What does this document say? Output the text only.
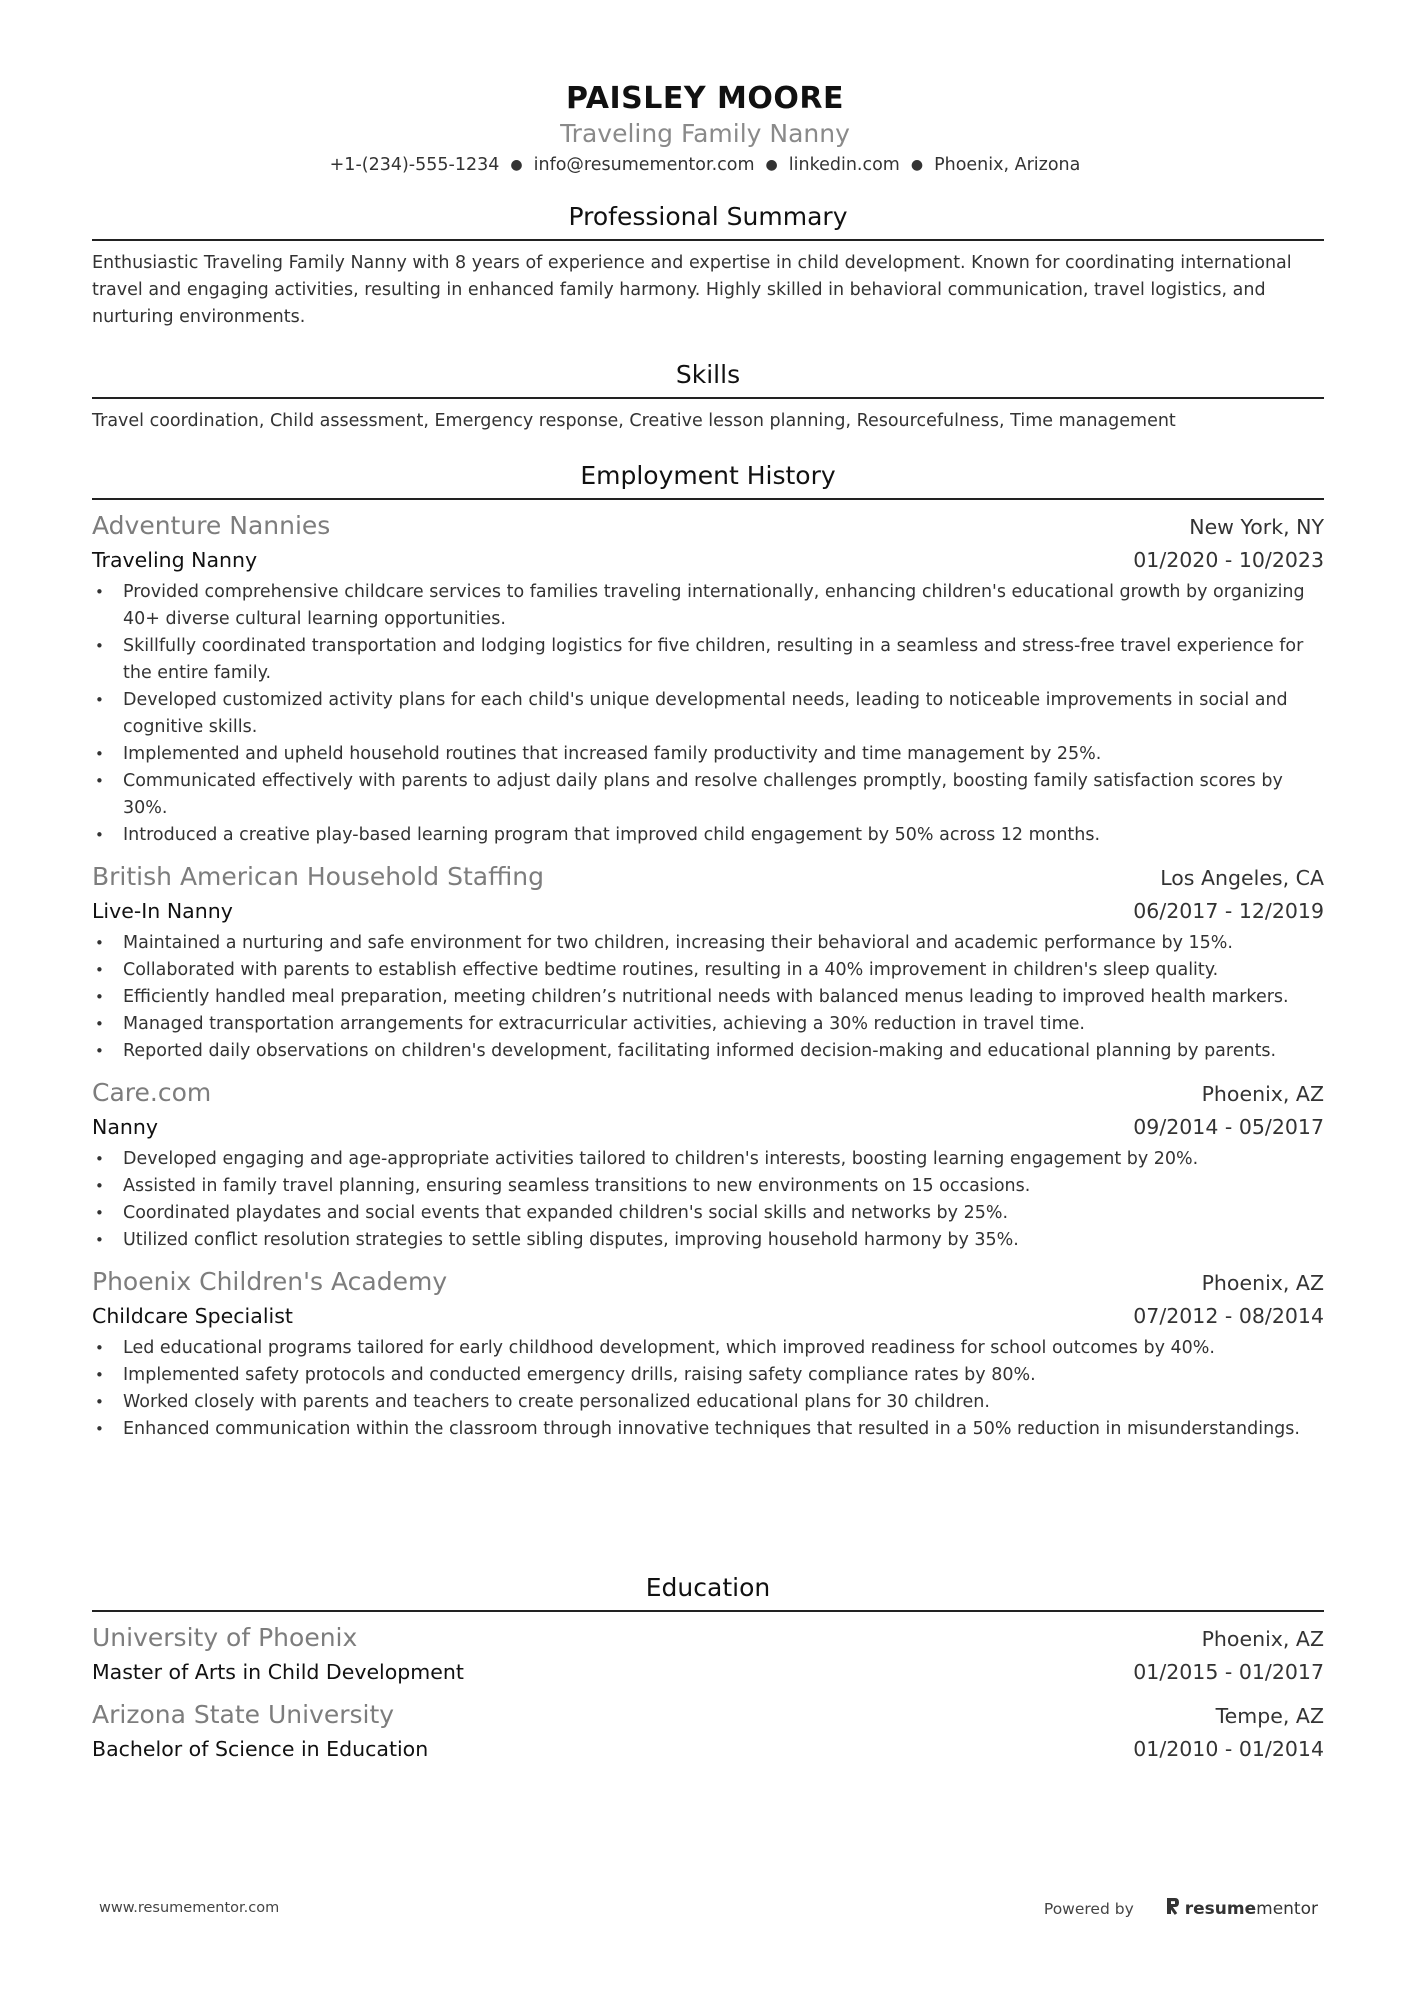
PAISLEY MOORE
Traveling Family Nanny
+1-(234)-555-1234 ● info@resumementor.com ● linkedin.com ● Phoenix, Arizona
Professional Summary

Enthusiastic Traveling Family Nanny with 8 years of experience and expertise in child development. Known for coordinating international travel and engaging activities, resulting in enhanced family harmony. Highly skilled in behavioral communication, travel logistics, and nurturing environments.

Skills

Travel coordination, Child assessment, Emergency response, Creative lesson planning, Resourcefulness, Time management

Employment History
Adventure Nannies	New York, NY
Traveling Nanny	01/2020 - 10/2023
• Provided comprehensive childcare services to families traveling internationally, enhancing children's educational growth by organizing 40+ diverse cultural learning opportunities.
• Skillfully coordinated transportation and lodging logistics for five children, resulting in a seamless and stress-free travel experience for the entire family.
• Developed customized activity plans for each child's unique developmental needs, leading to noticeable improvements in social and cognitive skills.
• Implemented and upheld household routines that increased family productivity and time management by 25%.
• Communicated effectively with parents to adjust daily plans and resolve challenges promptly, boosting family satisfaction scores by 30%.
• Introduced a creative play-based learning program that improved child engagement by 50% across 12 months.
British American Household Staffing	Los Angeles, CA
Live-In Nanny	06/2017 - 12/2019
• Maintained a nurturing and safe environment for two children, increasing their behavioral and academic performance by 15%.
• Collaborated with parents to establish effective bedtime routines, resulting in a 40% improvement in children's sleep quality.
• Efficiently handled meal preparation, meeting children’s nutritional needs with balanced menus leading to improved health markers.
• Managed transportation arrangements for extracurricular activities, achieving a 30% reduction in travel time.
• Reported daily observations on children's development, facilitating informed decision-making and educational planning by parents.
Care.com	Phoenix, AZ
Nanny	09/2014 - 05/2017
• Developed engaging and age-appropriate activities tailored to children's interests, boosting learning engagement by 20%.
• Assisted in family travel planning, ensuring seamless transitions to new environments on 15 occasions.
• Coordinated playdates and social events that expanded children's social skills and networks by 25%.
• Utilized conflict resolution strategies to settle sibling disputes, improving household harmony by 35%.
Phoenix Children's Academy	Phoenix, AZ
Childcare Specialist	07/2012 - 08/2014
• Led educational programs tailored for early childhood development, which improved readiness for school outcomes by 40%.
• Implemented safety protocols and conducted emergency drills, raising safety compliance rates by 80%.
• Worked closely with parents and teachers to create personalized educational plans for 30 children.
• Enhanced communication within the classroom through innovative techniques that resulted in a 50% reduction in misunderstandings.
Education
University of Phoenix	Phoenix, AZ
Master of Arts in Child Development	01/2015 - 01/2017
Arizona State University	Tempe, AZ
Bachelor of Science in Education	01/2010 - 01/2014
www.resumementor.com	Powered by	resume mentor
